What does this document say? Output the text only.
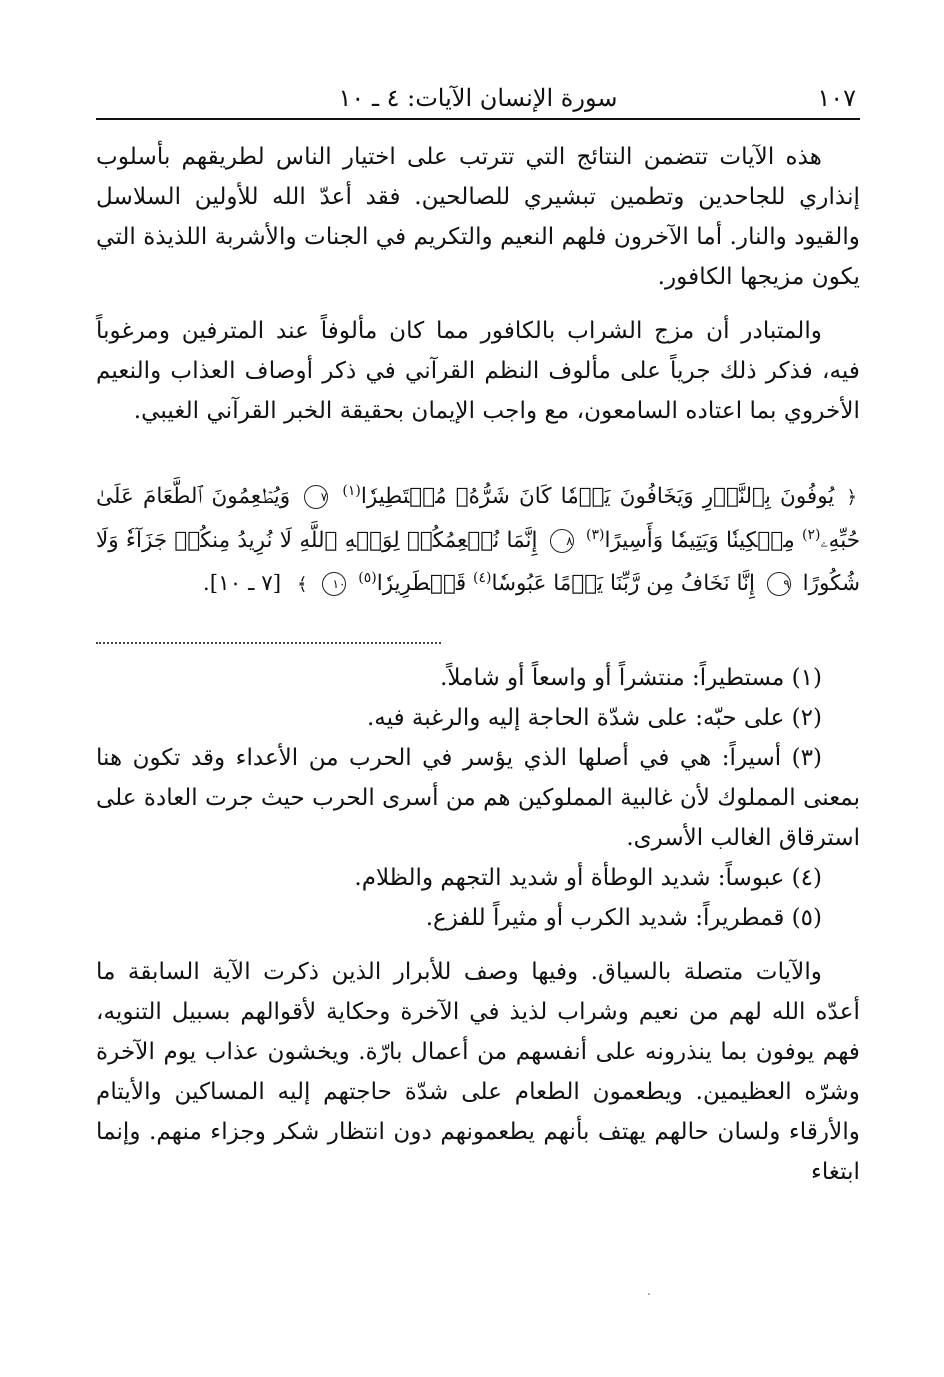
١٠٧
سورة الإنسان الآيات: ٤ ـ ١٠

هذه الآيات تتضمن النتائج التي تترتب على اختيار الناس لطريقهم بأسلوب إنذاري للجاحدين وتطمين تبشيري للصالحين. فقد أعدّ الله للأولين السلاسل والقيود والنار. أما الآخرون فلهم النعيم والتكريم في الجنات والأشربة اللذيذة التي يكون مزيجها الكافور.

والمتبادر أن مزج الشراب بالكافور مما كان مألوفاً عند المترفين ومرغوباً فيه، فذكر ذلك جرياً على مألوف النظم القرآني في ذكر أوصاف العذاب والنعيم الأخروي بما اعتاده السامعون، مع واجب الإيمان بحقيقة الخبر القرآني الغيبي.

﴿ يُوفُونَ بِٱلنَّذۡرِ وَيَخَافُونَ يَوۡمٗا كَانَ شَرُّهُۥ مُسۡتَطِيرٗا$^{(١)}$ ٧ وَيُطۡعِمُونَ ٱلطَّعَامَ عَلَىٰ حُبِّهِۦ$^{(٢)}$ مِسۡكِينٗا وَيَتِيمٗا وَأَسِيرًا$^{(٣)}$ ٨ إِنَّمَا نُطۡعِمُكُمۡ لِوَجۡهِ ٱللَّهِ لَا نُرِيدُ مِنكُمۡ جَزَآءٗ وَلَا شُكُورًا ٩ إِنَّا نَخَافُ مِن رَّبِّنَا يَوۡمًا عَبُوسٗا$^{(٤)}$ قَمۡطَرِيرٗا$^{(٥)}$ ١٠ ﴾ [٧ ـ ١٠].

(١) مستطيراً: منتشراً أو واسعاً أو شاملاً.

(٢) على حبّه: على شدّة الحاجة إليه والرغبة فيه.

(٣) أسيراً: هي في أصلها الذي يؤسر في الحرب من الأعداء وقد تكون هنا بمعنى المملوك لأن غالبية المملوكين هم من أسرى الحرب حيث جرت العادة على استرقاق الغالب الأسرى.

(٤) عبوساً: شديد الوطأة أو شديد التجهم والظلام.

(٥) قمطريراً: شديد الكرب أو مثيراً للفزع.

والآيات متصلة بالسياق. وفيها وصف للأبرار الذين ذكرت الآية السابقة ما أعدّه الله لهم من نعيم وشراب لذيذ في الآخرة وحكاية لأقوالهم بسبيل التنويه، فهم يوفون بما ينذرونه على أنفسهم من أعمال بارّة. ويخشون عذاب يوم الآخرة وشرّه العظيمين. ويطعمون الطعام على شدّة حاجتهم إليه المساكين والأيتام والأرقاء ولسان حالهم يهتف بأنهم يطعمونهم دون انتظار شكر وجزاء منهم. وإنما ابتغاء
